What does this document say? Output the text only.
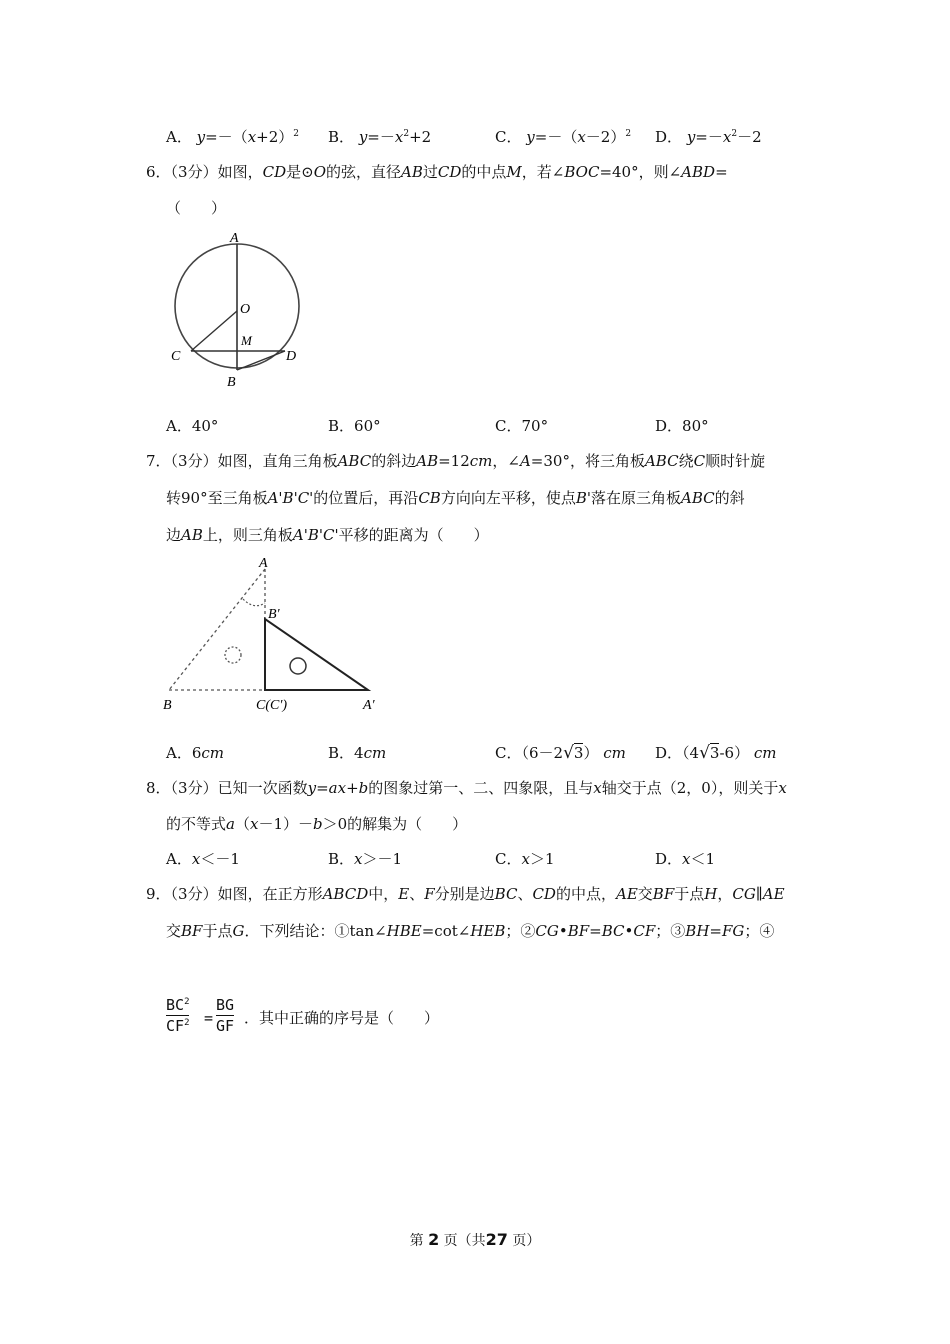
A． $y=-(x+2)^2$ B． $y=-x^2+2$	C． $y=-(x-2)^2$ D． $y=-x^2-2$
6．（3分）如图，CD是⊙O的弦，直径AB过CD的中点M，若∠BOC=40°，则∠ABD=
（　　）
A
O
M
C	D
B
A．40°	B．60°	C．70°	D．80°
7．（3分）如图，直角三角板ABC的斜边AB=12cm，∠A=30°，将三角板ABC绕C顺时针旋
转90°至三角板A'B'C'的位置后，再沿CB方向向左平移，使点B'落在原三角板ABC的斜
边AB上，则三角板A'B'C'平移的距离为（　　）
A
B′
B	C(C′)	A′
A．6cm	B．4cm	C．（6－2√3） cm D．（4√3-6） cm
8．（3分）已知一次函数y=ax+b的图象过第一、二、四象限，且与x轴交于点（2，0），则关于x
的不等式a（x－1）－b＞0的解集为（　　）
A．x＜－1	B．x＞－1	C．x＞1	D．x＜1
9．（3分）如图，在正方形ABCD中，E、F分别是边BC、CD的中点，AE交BF于点H，CG∥AE
交BF于点G．下列结论：①tan∠HBE=cot∠HEB；②CG•BF=BC•CF；③BH=FG；④
$BC^2$
$CF^2$ =
BG
GF ．其中正确的序号是（　　）
第 2 页（共27 页）
